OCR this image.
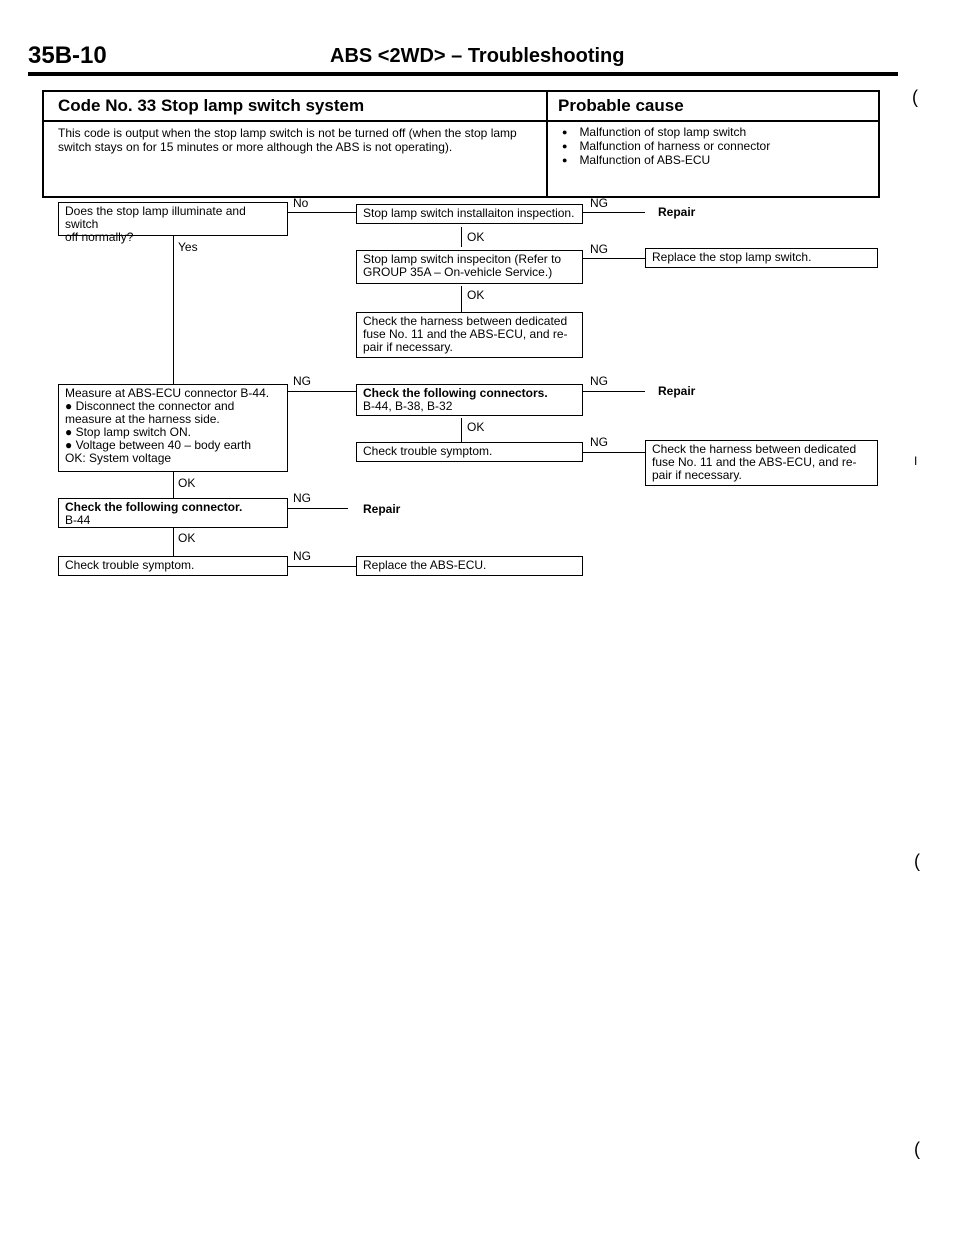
35B-10	ABS <2WD> – Troubleshooting
Code No. 33 Stop lamp switch system	Probable cause
This code is output when the stop lamp switch is not be turned off (when the stop lamp switch stays on for 15 minutes or more although the ABS is not operating).
● Malfunction of stop lamp switch
● Malfunction of harness or connector
● Malfunction of ABS-ECU
Does the stop lamp illuminate and switch
off normally?
Stop lamp switch installaiton inspection.
Stop lamp switch inspeciton (Refer to
GROUP 35A – On-vehicle Service.)
Check the harness between dedicated
fuse No. 11 and the ABS-ECU, and re-
pair if necessary.
Measure at ABS-ECU connector B-44.
● Disconnect the connector and
measure at the harness side.
● Stop lamp switch ON.
● Voltage between 40 – body earth
OK: System voltage
Check the following connectors.
B-44, B-38, B-32
Check trouble symptom.	Check the harness between dedicated
fuse No. 11 and the ABS-ECU, and re-
pair if necessary.
Check the following connector.
B-44
Check trouble symptom.	Replace the ABS-ECU.
Replace the stop lamp switch.
No
Yes
NG
NG
OK
OK
NG	NG
OK
NG
OK
NG
OK
NG
Repair
Repair
Repair
(
(
(
I
